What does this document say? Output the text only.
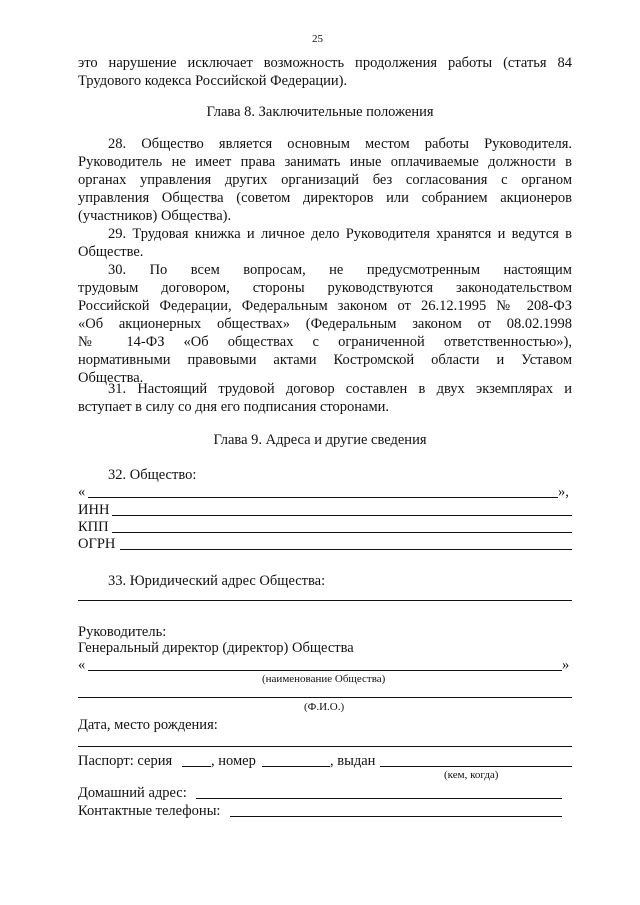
25
это нарушение исключает возможность продолжения работы (статья 84
Трудового кодекса Российской Федерации).
Глава 8. Заключительные положения
28. Общество является основным местом работы Руководителя.
Руководитель не имеет права занимать иные оплачиваемые должности в
органах управления других организаций без согласования с органом
управления Общества (советом директоров или собранием акционеров
(участников) Общества).
29. Трудовая книжка и личное дело Руководителя хранятся и ведутся в
Обществе.
30. По всем вопросам, не предусмотренным настоящим
трудовым договором, стороны руководствуются законодательством
Российской Федерации, Федеральным законом от 26.12.1995 № 208-ФЗ
«Об акционерных обществах» (Федеральным законом от 08.02.1998
№ 14-ФЗ «Об обществах с ограниченной ответственностью»),
нормативными правовыми актами Костромской области и Уставом
Общества.
31. Настоящий трудовой договор составлен в двух экземплярах и
вступает в силу со дня его подписания сторонами.
Глава 9. Адреса и другие сведения
32. Общество:
«	»,
ИНН
КПП
ОГРН
33. Юридический адрес Общества:
Руководитель:
Генеральный директор (директор) Общества
«	»
(наименование Общества)
(Ф.И.О.)
Дата, место рождения:
Паспорт: серия	, номер	, выдан
(кем, когда)
Домашний адрес:
Контактные телефоны:
